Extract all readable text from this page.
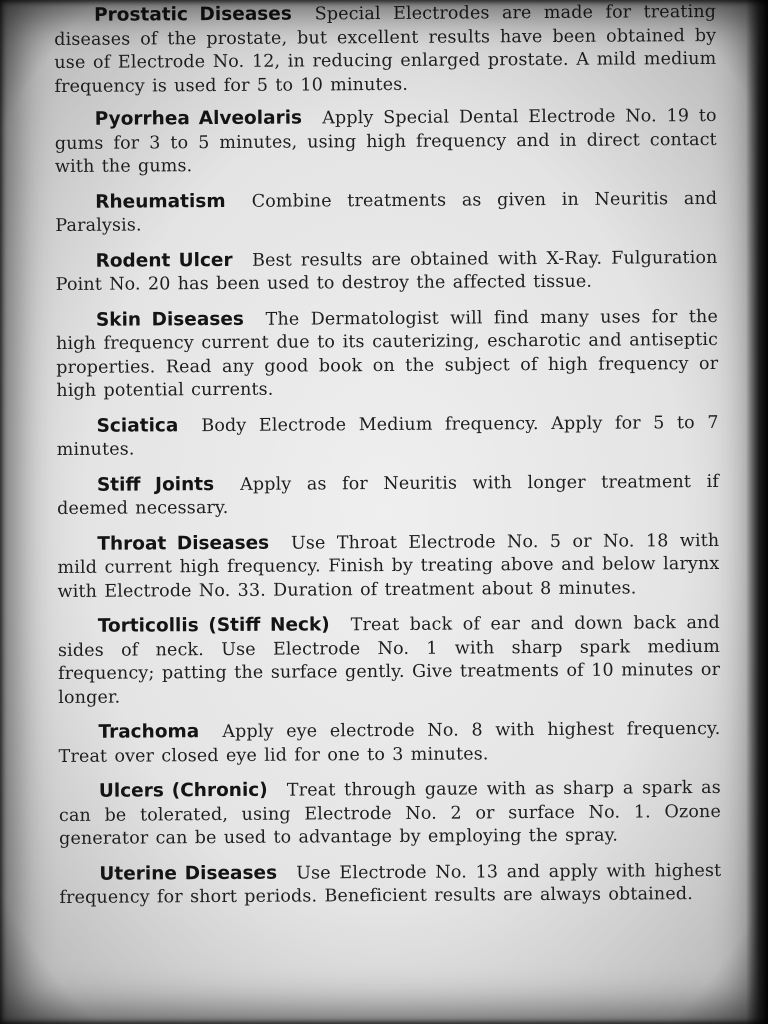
Prostatic Diseases Special Electrodes are made for treating diseases of the prostate, but excellent results have been obtained by use of Electrode No. 12, in reducing enlarged prostate. A mild medium frequency is used for 5 to 10 minutes.

Pyorrhea Alveolaris Apply Special Dental Electrode No. 19 to gums for 3 to 5 minutes, using high frequency and in direct contact with the gums.

Rheumatism Combine treatments as given in Neuritis and Paralysis.

Rodent Ulcer Best results are obtained with X-Ray. Fulguration Point No. 20 has been used to destroy the affected tissue.

Skin Diseases The Dermatologist will find many uses for the high frequency current due to its cauterizing, escharotic and antiseptic properties. Read any good book on the subject of high frequency or high potential currents.

Sciatica Body Electrode Medium frequency. Apply for 5 to 7 minutes.

Stiff Joints Apply as for Neuritis with longer treatment if deemed necessary.

Throat Diseases Use Throat Electrode No. 5 or No. 18 with mild current high frequency. Finish by treating above and below larynx with Electrode No. 33. Duration of treatment about 8 minutes.

Torticollis (Stiff Neck) Treat back of ear and down back and sides of neck. Use Electrode No. 1 with sharp spark medium frequency; patting the surface gently. Give treatments of 10 minutes or longer.

Trachoma Apply eye electrode No. 8 with highest frequency. Treat over closed eye lid for one to 3 minutes.

Ulcers (Chronic) Treat through gauze with as sharp a spark as can be tolerated, using Electrode No. 2 or surface No. 1. Ozone generator can be used to advantage by employing the spray.

Uterine Diseases Use Electrode No. 13 and apply with highest frequency for short periods. Beneficient results are always obtained.
